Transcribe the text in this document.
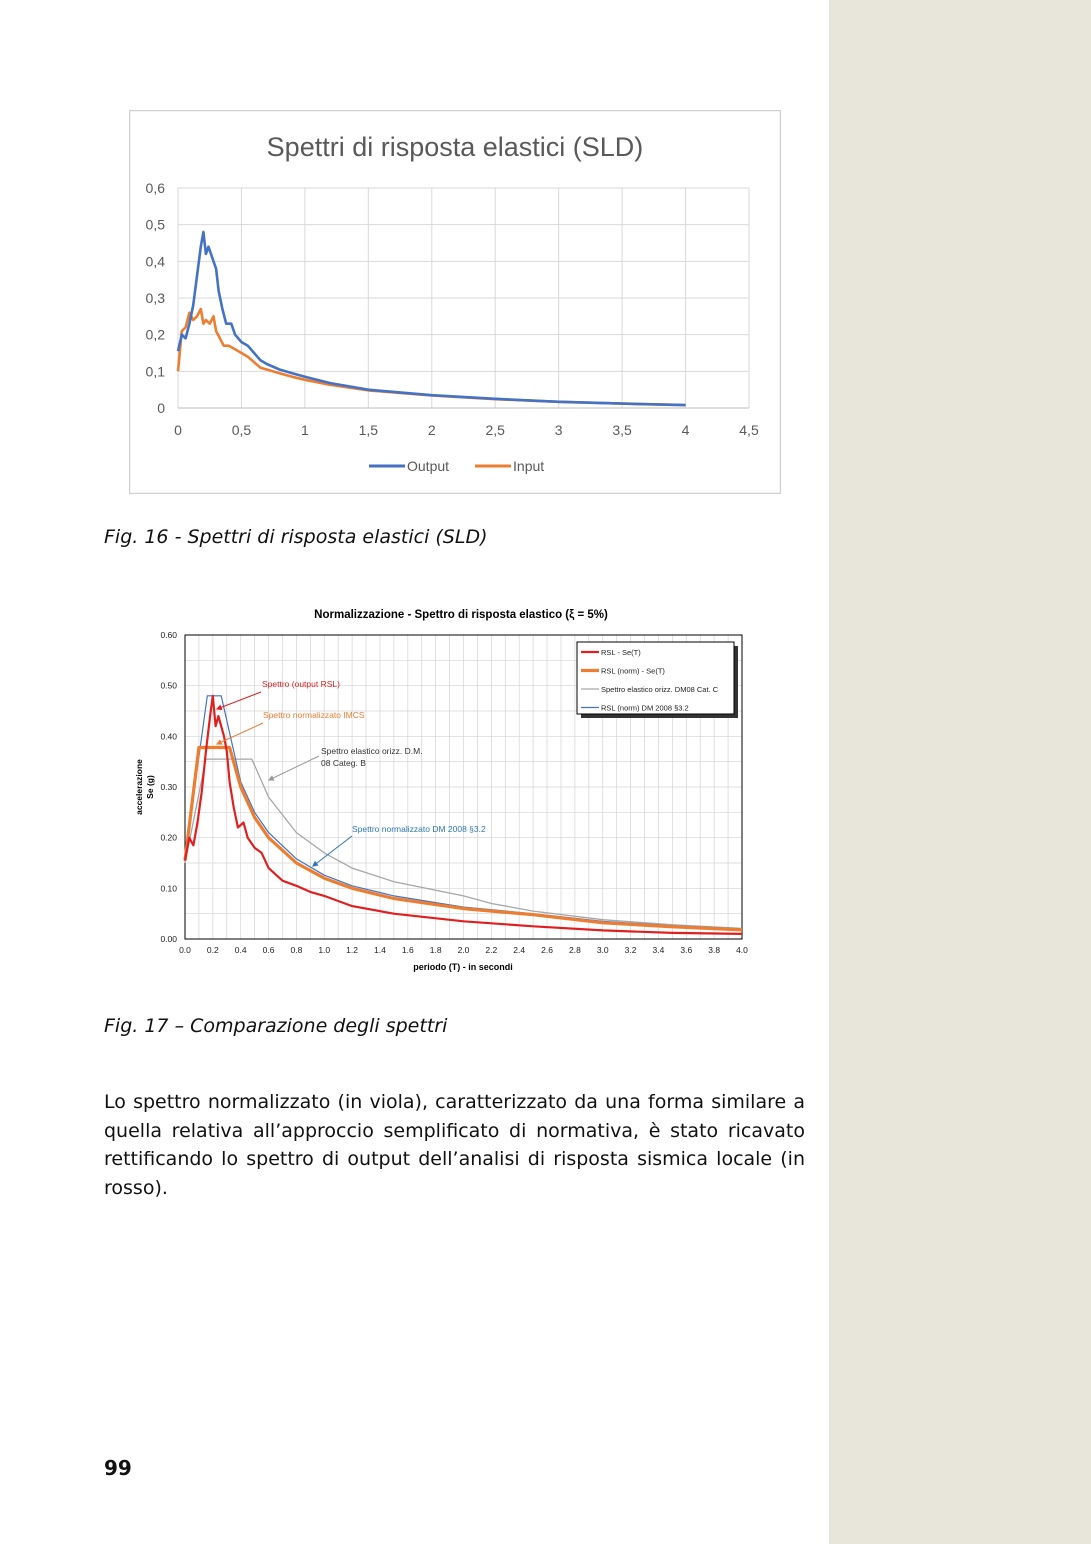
Spettri di risposta elastici (SLD)
0	0,5	1	1,5	2	2,5	3	3,5	4	4,5
0
0,1
0,2
0,3
0,4
0,5
0,6
Output	Input
Fig. 16 - Spettri di risposta elastici (SLD)
Normalizzazione - Spettro di risposta elastico (ξ = 5%)
0.0 0.2 0.4 0.6 0.8 1.0 1.2 1.4 1.6 1.8 2.0 2.2 2.4 2.6 2.8 3.0 3.2 3.4 3.6 3.8 4.0
0.00
0.10
0.20
0.30
0.40
0.50
0.60
periodo (T) - in secondi
accelerazioneSe (g)
RSL - Se(T)
RSL (norm) - Se(T)
Spettro elastico orizz. DM08 Cat. C
RSL (norm) DM 2008 §3.2
Spettro (output RSL)
Spettro normalizzato IMCS
Spettro elastico orizz. D.M.
08 Categ. B
Spettro normalizzato DM 2008 §3.2
Fig. 17 – Comparazione degli spettri

Lo spettro normalizzato (in viola), caratterizzato da una forma similare a quella relativa all’approccio semplificato di normativa, è stato ricavato rettificando lo spettro di output dell’analisi di risposta sismica locale (in rosso).

99
